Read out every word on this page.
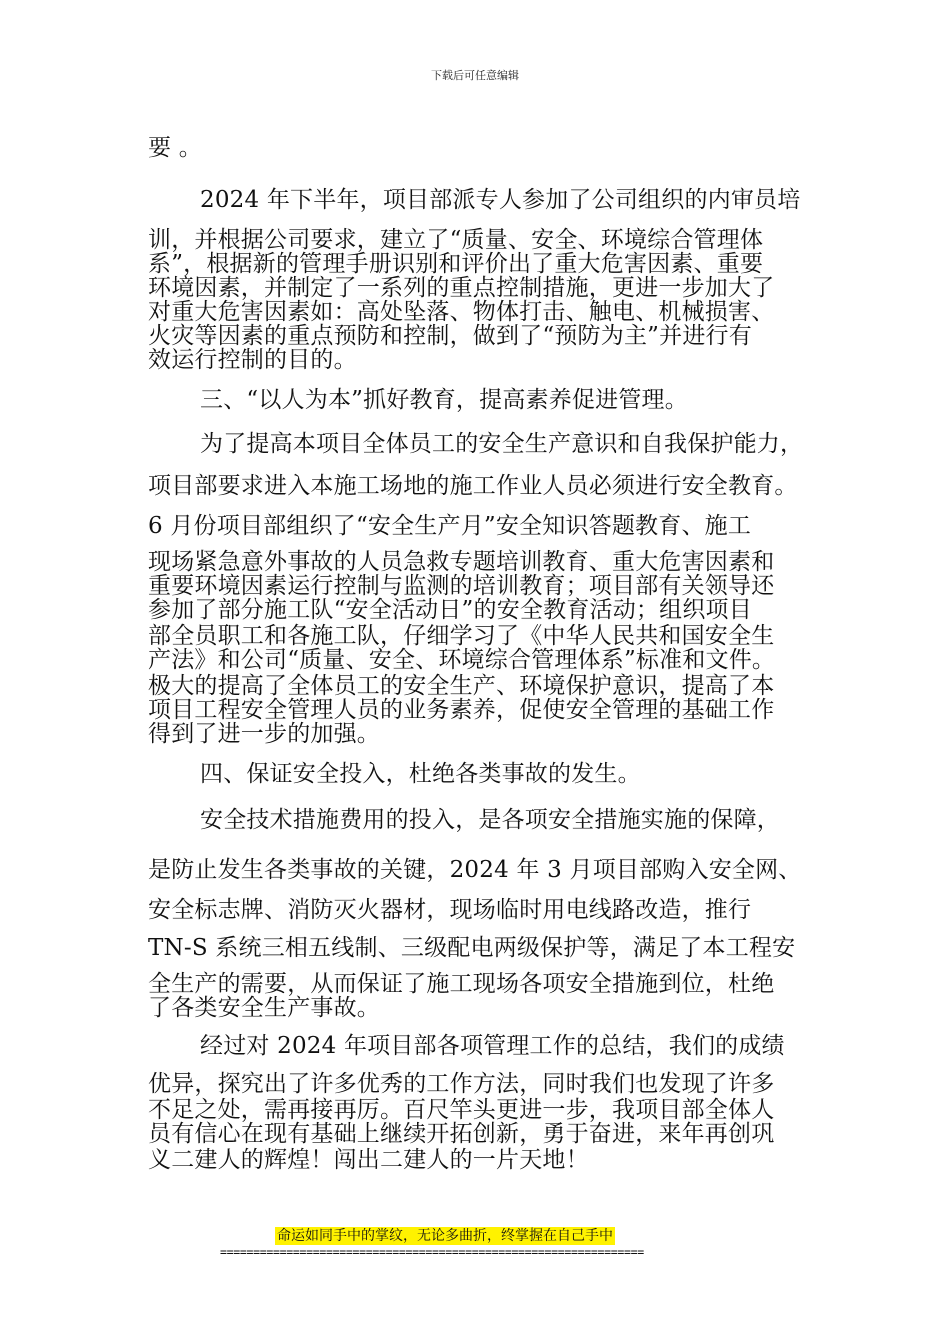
下载后可任意编辑
要 。
2024 年下半年，项目部派专人参加了公司组织的内审员培
训，并根据公司要求，建立了“质量、安全、环境综合管理体
系”，根据新的管理手册识别和评价出了重大危害因素、重要
环境因素，并制定了一系列的重点控制措施，更进一步加大了
对重大危害因素如：高处坠落、物体打击、触电、机械损害、
火灾等因素的重点预防和控制，做到了“预防为主”并进行有
效运行控制的目的。
三、“以人为本”抓好教育，提高素养促进管理。
为了提高本项目全体员工的安全生产意识和自我保护能力，
项目部要求进入本施工场地的施工作业人员必须进行安全教育。
6 月份项目部组织了“安全生产月”安全知识答题教育、施工
现场紧急意外事故的人员急救专题培训教育、重大危害因素和
重要环境因素运行控制与监测的培训教育；项目部有关领导还
参加了部分施工队“安全活动日”的安全教育活动；组织项目
部全员职工和各施工队，仔细学习了《中华人民共和国安全生
产法》和公司“质量、安全、环境综合管理体系”标准和文件。
极大的提高了全体员工的安全生产、环境保护意识，提高了本
项目工程安全管理人员的业务素养，促使安全管理的基础工作
得到了进一步的加强。
四、保证安全投入，杜绝各类事故的发生。
安全技术措施费用的投入，是各项安全措施实施的保障，
是防止发生各类事故的关键，2024 年 3 月项目部购入安全网、
安全标志牌、消防灭火器材，现场临时用电线路改造，推行
TN-S 系统三相五线制、三级配电两级保护等，满足了本工程安
全生产的需要，从而保证了施工现场各项安全措施到位，杜绝
了各类安全生产事故。
经过对 2024 年项目部各项管理工作的总结，我们的成绩
优异，探究出了许多优秀的工作方法，同时我们也发现了许多
不足之处，需再接再厉。百尺竿头更进一步，我项目部全体人
员有信心在现有基础上继续开拓创新，勇于奋进，来年再创巩
义二建人的辉煌！闯出二建人的一片天地！
命运如同手中的掌纹，无论多曲折，终掌握在自己手中
================================================================
